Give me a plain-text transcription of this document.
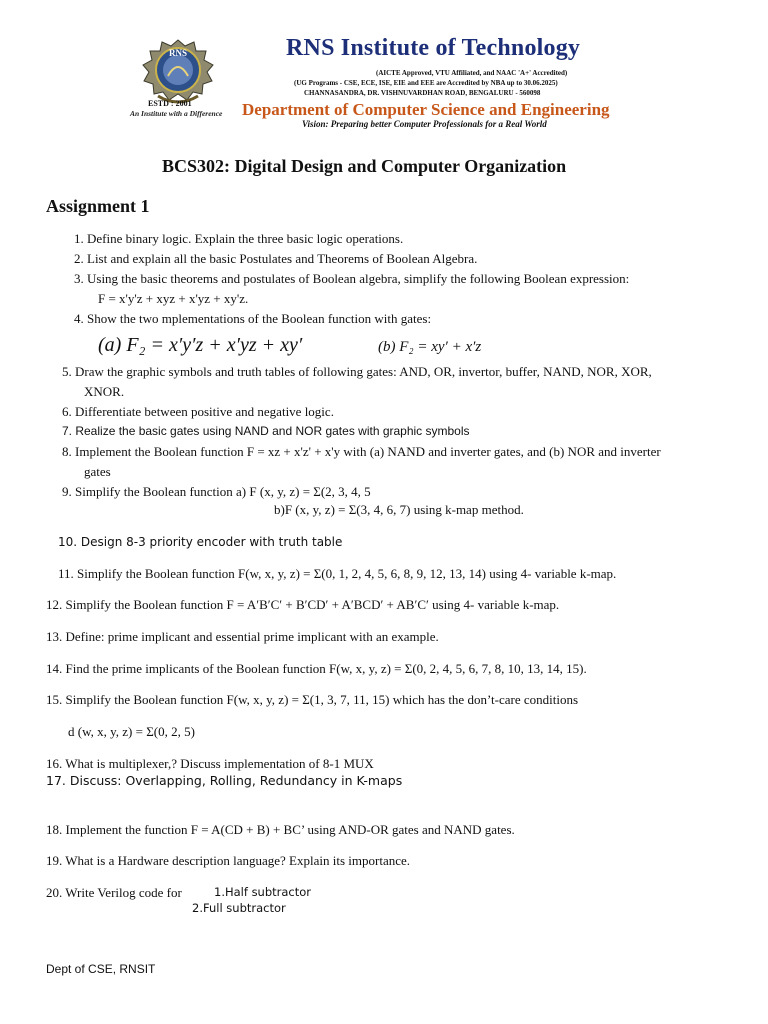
RNS
ESTD : 2001
An Institute with a Difference
RNS Institute of Technology
(AICTE Approved, VTU Affiliated, and NAAC 'A+' Accredited)
(UG Programs - CSE, ECE, ISE, EIE and EEE are Accredited by NBA up to 30.06.2025)
CHANNASANDRA, DR. VISHNUVARDHAN ROAD, BENGALURU - 560098
Department of Computer Science and Engineering
Vision: Preparing better Computer Professionals for a Real World
BCS302: Digital Design and Computer Organization
Assignment 1
1. Define binary logic. Explain the three basic logic operations.
2. List and explain all the basic Postulates and Theorems of Boolean Algebra.
3. Using the basic theorems and postulates of Boolean algebra, simplify the following Boolean expression:
F = x'y'z + xyz + x'yz + xy'z.
4. Show the two mplementations of the Boolean function with gates:
(a) F₂ = x′y′z + x′yz + xy′	(b) F₂ = xy′ + x′z
5. Draw the graphic symbols and truth tables of following gates: AND, OR, invertor, buffer, NAND, NOR, XOR,
XNOR.
6. Differentiate between positive and negative logic.
7. Realize the basic gates using NAND and NOR gates with graphic symbols
8. Implement the Boolean function F = xz + x'z' + x'y with (a) NAND and inverter gates, and (b) NOR and inverter
gates
9. Simplify the Boolean function a) F (x, y, z) = Σ(2, 3, 4, 5
b)F (x, y, z) = Σ(3, 4, 6, 7) using k-map method.
10. Design 8-3 priority encoder with truth table
11. Simplify the Boolean function F(w, x, y, z) = Σ(0, 1, 2, 4, 5, 6, 8, 9, 12, 13, 14) using 4- variable k-map.
12. Simplify the Boolean function F = A′B′C′ + B′CD′ + A′BCD′ + AB′C′ using 4- variable k-map.
13. Define: prime implicant and essential prime implicant with an example.
14. Find the prime implicants of the Boolean function F(w, x, y, z) = Σ(0, 2, 4, 5, 6, 7, 8, 10, 13, 14, 15).
15. Simplify the Boolean function F(w, x, y, z) = Σ(1, 3, 7, 11, 15) which has the don’t-care conditions
d (w, x, y, z) = Σ(0, 2, 5)
16. What is multiplexer,? Discuss implementation of 8-1 MUX
17. Discuss: Overlapping, Rolling, Redundancy in K-maps
18. Implement the function F = A(CD + B) + BC’ using AND-OR gates and NAND gates.
19. What is a Hardware description language? Explain its importance.
20. Write Verilog code for	1.Half subtractor
2.Full subtractor
Dept of CSE, RNSIT
